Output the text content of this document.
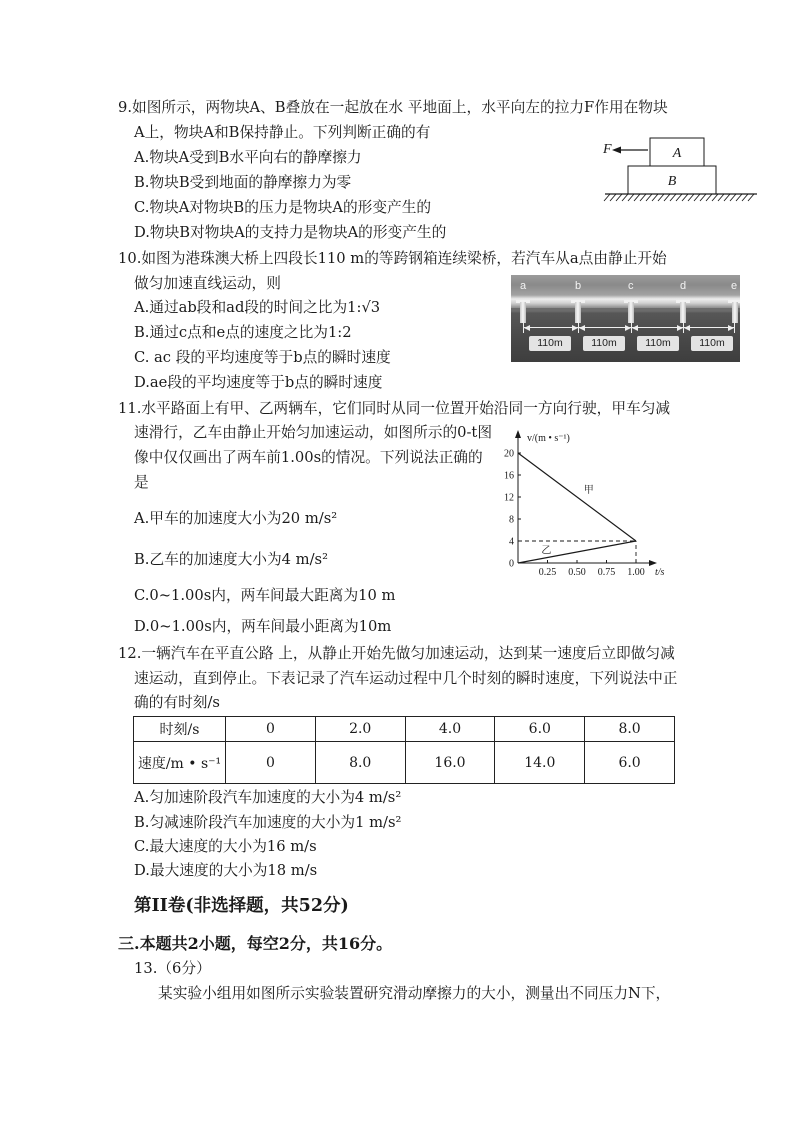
9.如图所示，两物块A、B叠放在一起放在水 平地面上，水平向左的拉力F作用在物块
A上，物块A和B保持静止。下列判断正确的有
A.物块A受到B水平向右的静摩擦力
B.物块B受到地面的静摩擦力为零
C.物块A对物块B的压力是物块A的形变产生的
D.物块B对物块A的支持力是物块A的形变产生的
F	A
B
10.如图为港珠澳大桥上四段长110 m的等跨钢箱连续梁桥，若汽车从a点由静止开始
做匀加速直线运动，则
A.通过ab段和ad段的时间之比为1:√3
B.通过c点和e点的速度之比为1:2
C. ac 段的平均速度等于b点的瞬时速度
D.ae段的平均速度等于b点的瞬时速度
a	b	c	d	e
110m	110m	110m	110m
11.水平路面上有甲、乙两辆车，它们同时从同一位置开始沿同一方向行驶，甲车匀减
速滑行，乙车由静止开始匀加速运动，如图所示的0-t图
像中仅仅画出了两车前1.00s的情况。下列说法正确的
是
A.甲车的加速度大小为20 m/s²
B.乙车的加速度大小为4 m/s²
C.0~1.00s内，两车间最大距离为10 m
D.0~1.00s内，两车间最小距离为10m
0
4
8
12
16
20
0.25 0.50 0.75 1.00
v/(m • s⁻¹)
t/s
甲
乙
12.一辆汽车在平直公路 上，从静止开始先做匀加速运动，达到某一速度后立即做匀减
速运动，直到停止。下表记录了汽车运动过程中几个时刻的瞬时速度，下列说法中正
确的有时刻/s
时刻/s	0	2.0	4.0	6.0	8.0
速度/m • s⁻¹	0	8.0	16.0	14.0	6.0
A.匀加速阶段汽车加速度的大小为4 m/s²
B.匀减速阶段汽车加速度的大小为1 m/s²
C.最大速度的大小为16 m/s
D.最大速度的大小为18 m/s
第II卷(非选择题，共52分)
三.本题共2小题，每空2分，共16分。
13.（6分）
某实验小组用如图所示实验装置研究滑动摩擦力的大小，测量出不同压力N下，
